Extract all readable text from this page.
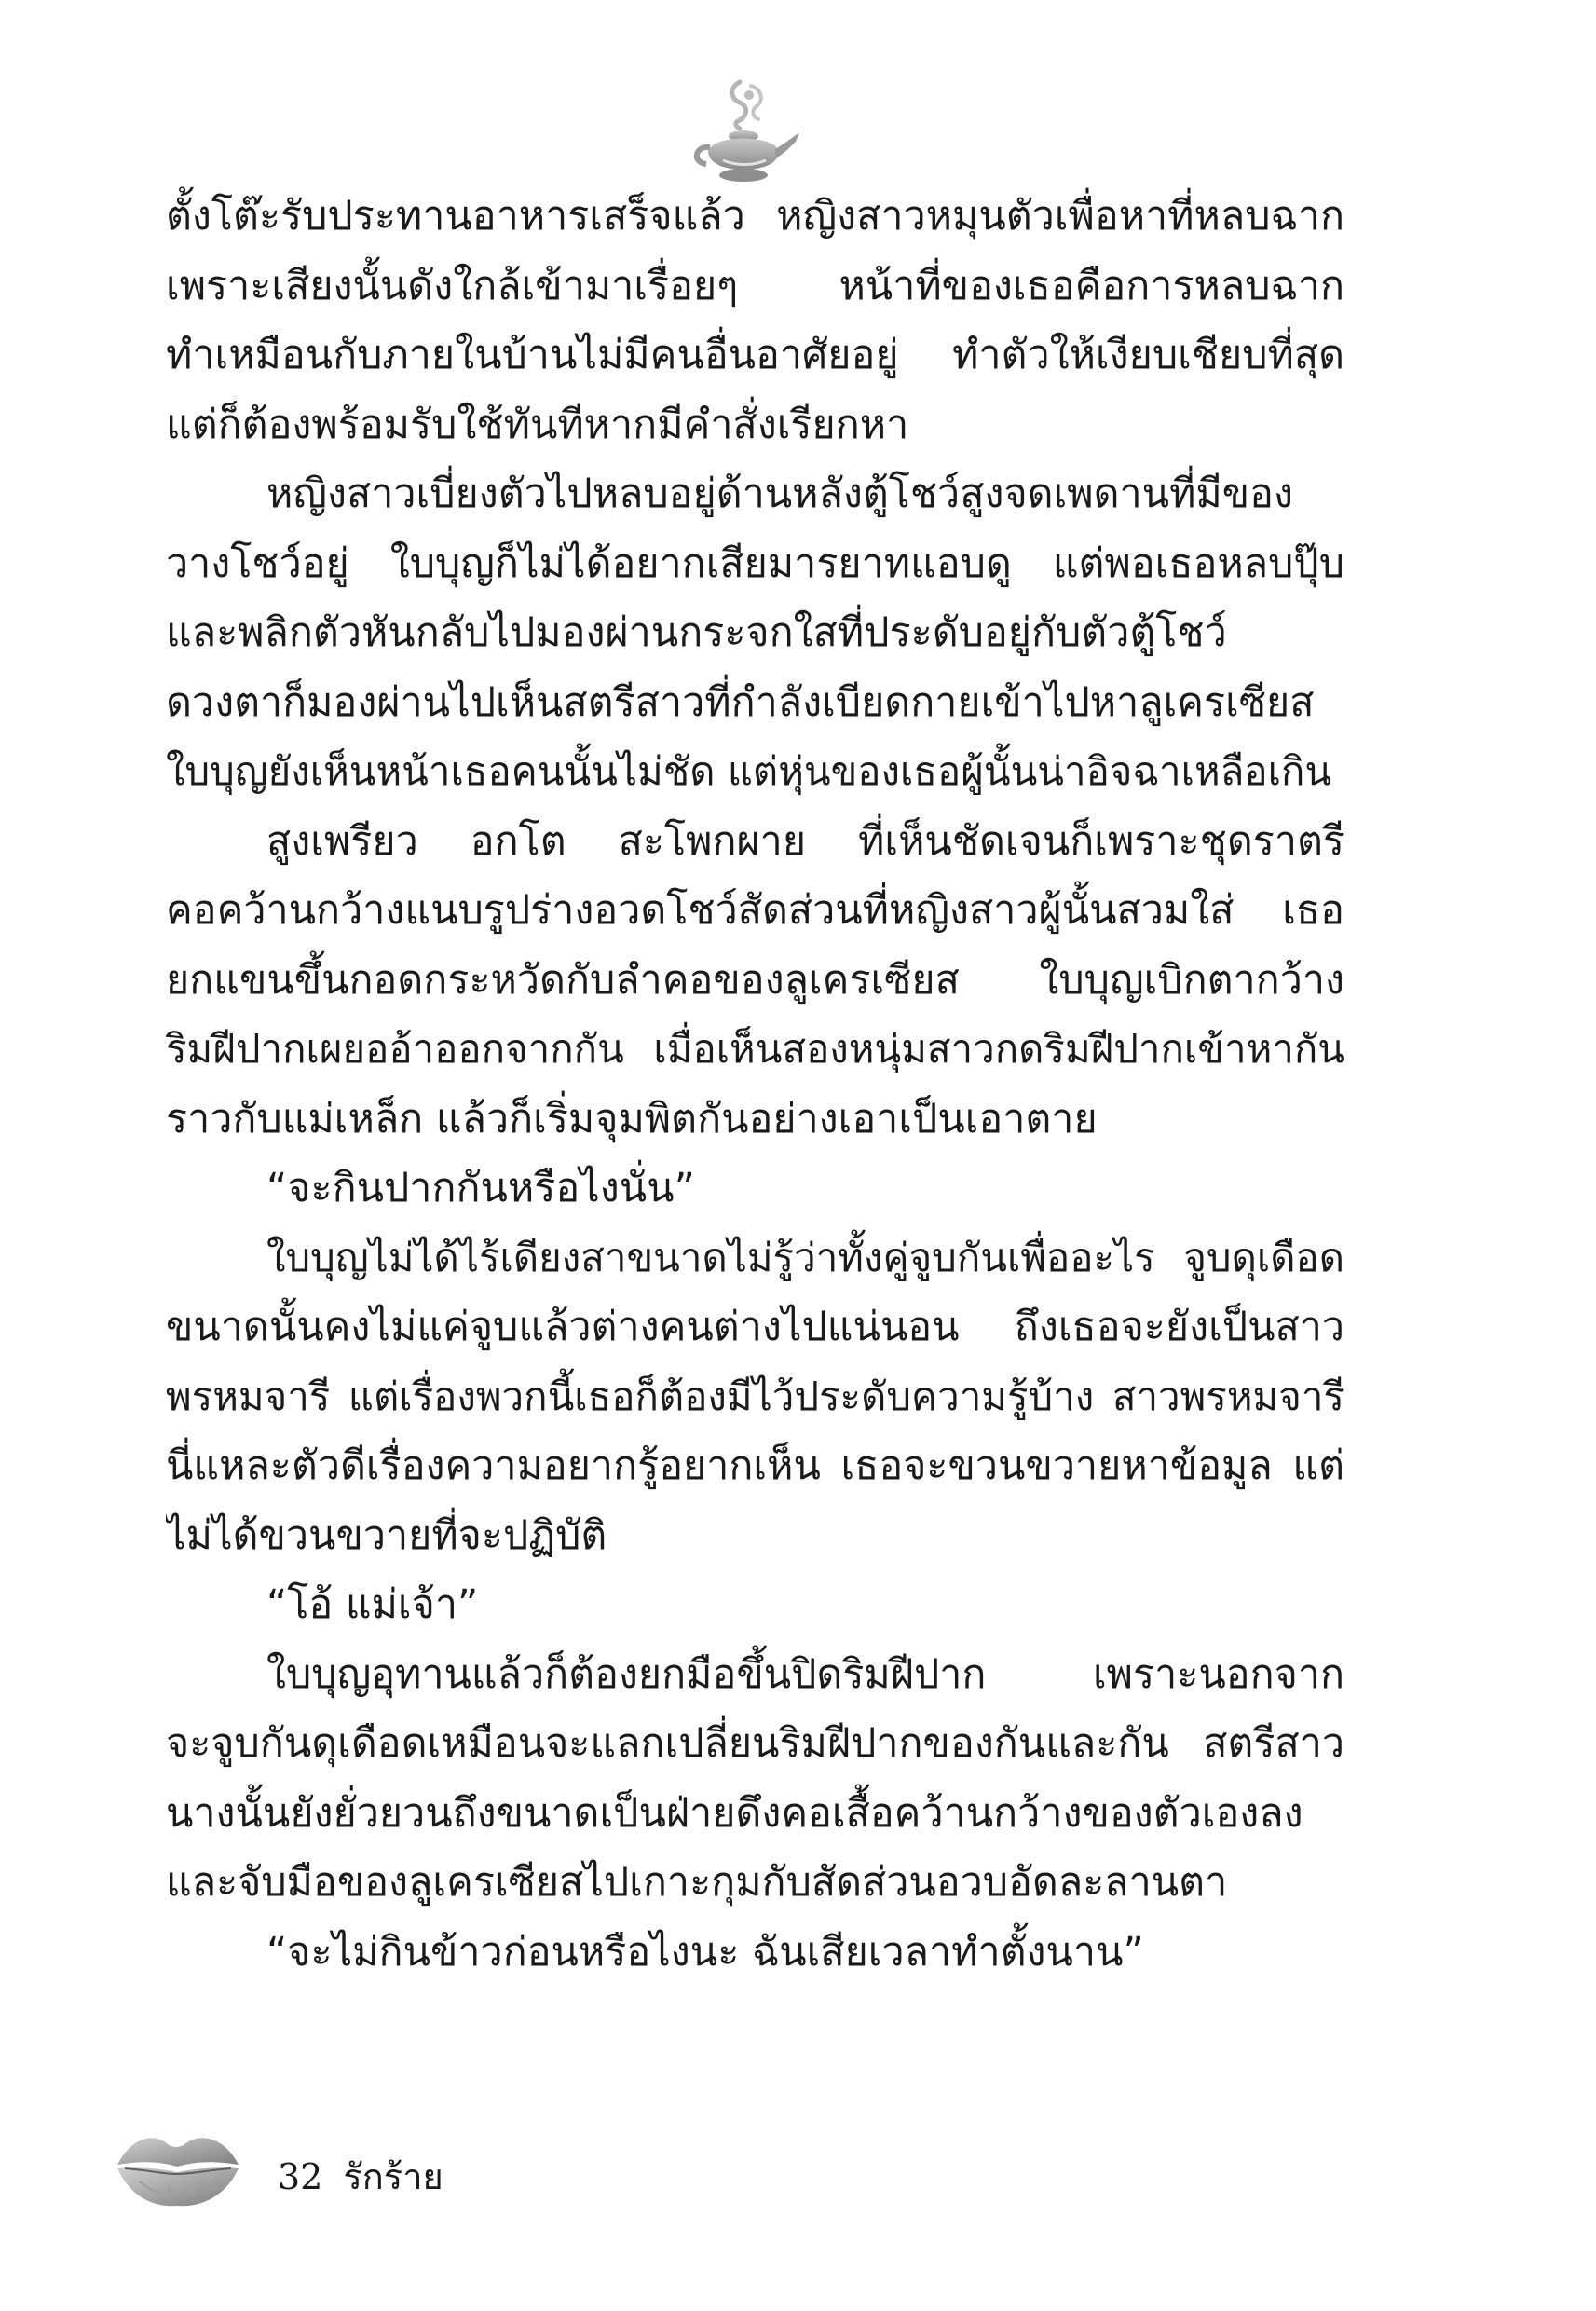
ตั้งโต๊ะรับประทานอาหารเสร็จแล้ว หญิงสาวหมุนตัวเพื่อหาที่หลบฉาก
เพราะเสียงนั้นดังใกล้เข้ามาเรื่อยๆ หน้าที่ของเธอคือการหลบฉาก
ทำเหมือนกับภายในบ้านไม่มีคนอื่นอาศัยอยู่ ทำตัวให้เงียบเชียบที่สุด
แต่ก็ต้องพร้อมรับใช้ทันทีหากมีคำสั่งเรียกหา
หญิงสาวเบี่ยงตัวไปหลบอยู่ด้านหลังตู้โชว์สูงจดเพดานที่มีของ
วางโชว์อยู่ ใบบุญก็ไม่ได้อยากเสียมารยาทแอบดู แต่พอเธอหลบปุ๊บ
และพลิกตัวหันกลับไปมองผ่านกระจกใสที่ประดับอยู่กับตัวตู้โชว์
ดวงตาก็มองผ่านไปเห็นสตรีสาวที่กำลังเบียดกายเข้าไปหาลูเครเซียส
ใบบุญยังเห็นหน้าเธอคนนั้นไม่ชัด แต่หุ่นของเธอผู้นั้นน่าอิจฉาเหลือเกิน
สูงเพรียว อกโต สะโพกผาย ที่เห็นชัดเจนก็เพราะชุดราตรี
คอคว้านกว้างแนบรูปร่างอวดโชว์สัดส่วนที่หญิงสาวผู้นั้นสวมใส่ เธอ
ยกแขนขึ้นกอดกระหวัดกับลำคอของลูเครเซียส ใบบุญเบิกตากว้าง
ริมฝีปากเผยออ้าออกจากกัน เมื่อเห็นสองหนุ่มสาวกดริมฝีปากเข้าหากัน
ราวกับแม่เหล็ก แล้วก็เริ่มจุมพิตกันอย่างเอาเป็นเอาตาย
“จะกินปากกันหรือไงนั่น”
ใบบุญไม่ได้ไร้เดียงสาขนาดไม่รู้ว่าทั้งคู่จูบกันเพื่ออะไร จูบดุเดือด
ขนาดนั้นคงไม่แค่จูบแล้วต่างคนต่างไปแน่นอน ถึงเธอจะยังเป็นสาว
พรหมจารี แต่เรื่องพวกนี้เธอก็ต้องมีไว้ประดับความรู้บ้าง สาวพรหมจารี
นี่แหละตัวดีเรื่องความอยากรู้อยากเห็น เธอจะขวนขวายหาข้อมูล แต่
ไม่ได้ขวนขวายที่จะปฏิบัติ
“โอ้ แม่เจ้า”
ใบบุญอุทานแล้วก็ต้องยกมือขึ้นปิดริมฝีปาก เพราะนอกจาก
จะจูบกันดุเดือดเหมือนจะแลกเปลี่ยนริมฝีปากของกันและกัน สตรีสาว
นางนั้นยังยั่วยวนถึงขนาดเป็นฝ่ายดึงคอเสื้อคว้านกว้างของตัวเองลง
และจับมือของลูเครเซียสไปเกาะกุมกับสัดส่วนอวบอัดละลานตา
“จะไม่กินข้าวก่อนหรือไงนะ ฉันเสียเวลาทำตั้งนาน”
32 รักร้าย
